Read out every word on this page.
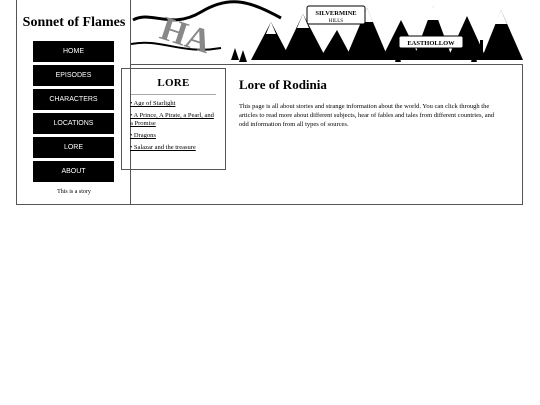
Sonnet of Flames
HOME
EPISODES
CHARACTERS
LOCATIONS
LORE
ABOUT
This is a story
HA	SILVERMINE
HILLS
EASTHOLLOW
LORE
• Age of Starlight
• A Prince, A Pirate, a Pearl, and a Promise
• Dragons
• Salazar and the treasure
Lore of Rodinia
This page is all about stories and strange information about the world. You can click through the articles to read more about different subjects, hear of fables and tales from different countries, and odd information from all types of sources.
